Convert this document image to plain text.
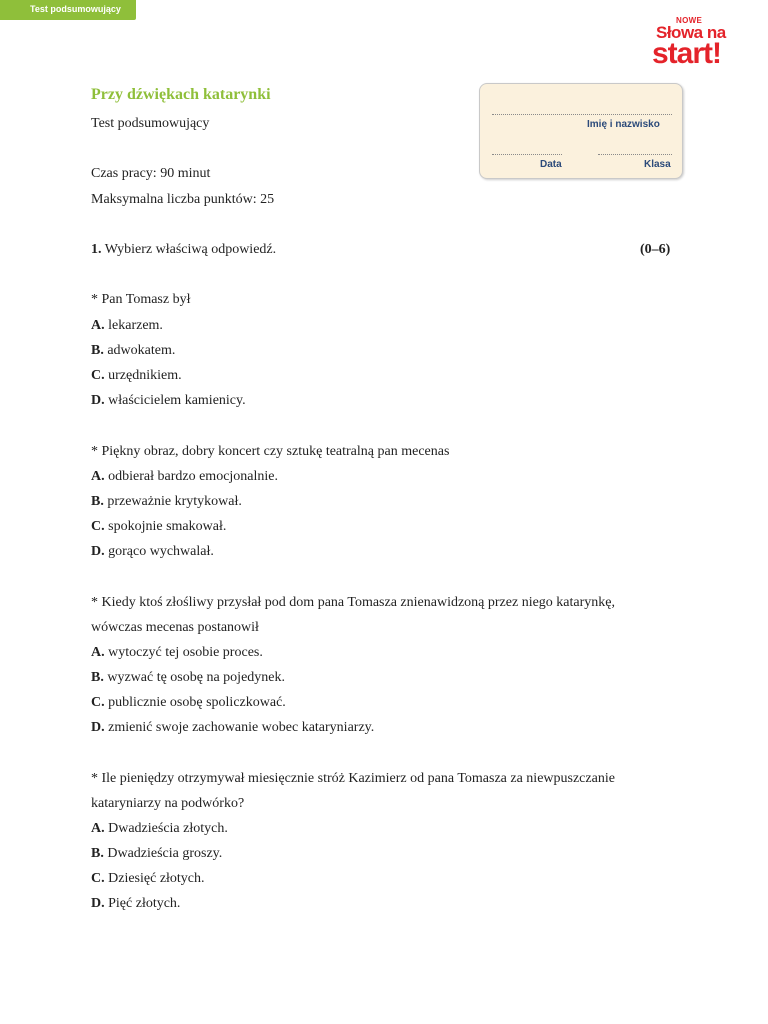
Test podsumowujący
NOWE
Słowa na
start!
Przy dźwiękach katarynki
Test podsumowujący
Czas pracy: 90 minut
Maksymalna liczba punktów: 25
Imię i nazwisko
Data	Klasa
1. Wybierz właściwą odpowiedź.	(0–6)
* Pan Tomasz był
A. lekarzem.
B. adwokatem.
C. urzędnikiem.
D. właścicielem kamienicy.
* Piękny obraz, dobry koncert czy sztukę teatralną pan mecenas
A. odbierał bardzo emocjonalnie.
B. przeważnie krytykował.
C. spokojnie smakował.
D. gorąco wychwalał.
* Kiedy ktoś złośliwy przysłał pod dom pana Tomasza znienawidzoną przez niego katarynkę,
wówczas mecenas postanowił
A. wytoczyć tej osobie proces.
B. wyzwać tę osobę na pojedynek.
C. publicznie osobę spoliczkować.
D. zmienić swoje zachowanie wobec kataryniarzy.
* Ile pieniędzy otrzymywał miesięcznie stróż Kazimierz od pana Tomasza za niewpuszczanie
kataryniarzy na podwórko?
A. Dwadzieścia złotych.
B. Dwadzieścia groszy.
C. Dziesięć złotych.
D. Pięć złotych.
